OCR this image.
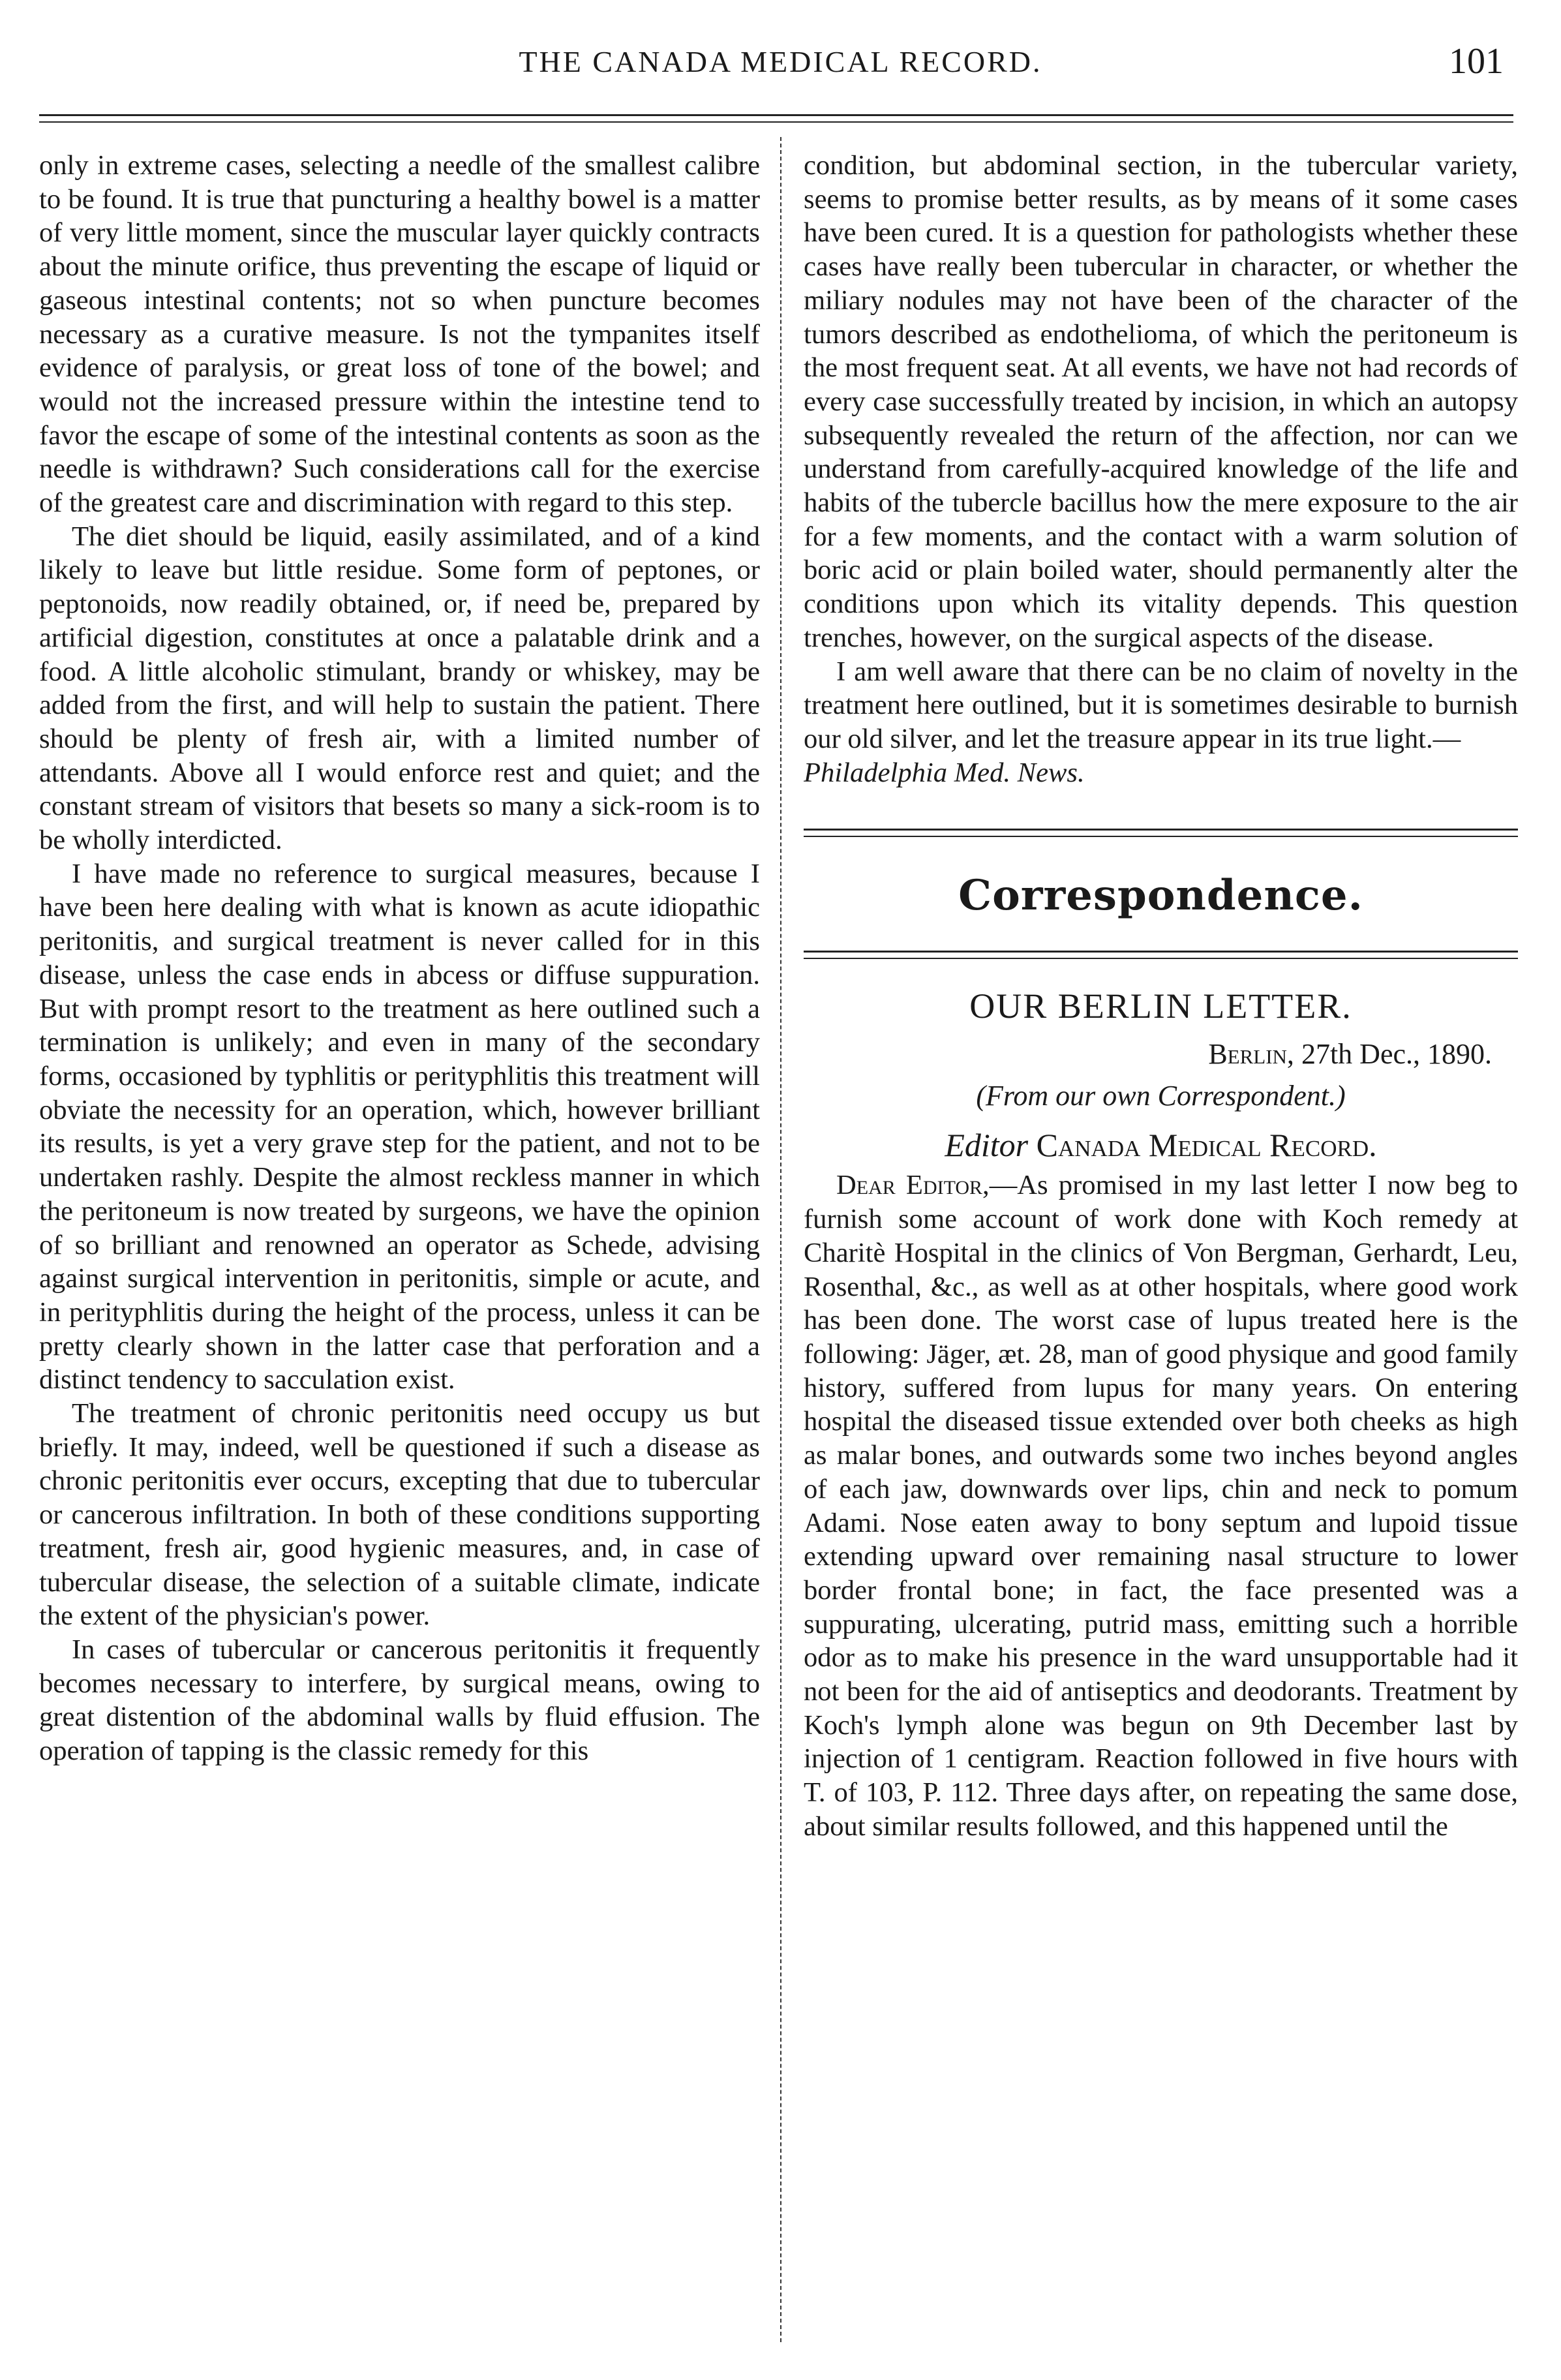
THE CANADA MEDICAL RECORD.	101

only in extreme cases, selecting a needle of the smallest calibre to be found. It is true that puncturing a healthy bowel is a matter of very little moment, since the muscular layer quickly contracts about the minute orifice, thus preventing the escape of liquid or gaseous intestinal contents; not so when puncture becomes necessary as a curative measure. Is not the tympanites itself evidence of paralysis, or great loss of tone of the bowel; and would not the increased pressure within the intestine tend to favor the escape of some of the intestinal contents as soon as the needle is withdrawn? Such considerations call for the exercise of the greatest care and discrimination with regard to this step.

The diet should be liquid, easily assimilated, and of a kind likely to leave but little residue. Some form of peptones, or peptonoids, now readily obtained, or, if need be, prepared by artificial digestion, constitutes at once a palatable drink and a food. A little alcoholic stimulant, brandy or whiskey, may be added from the first, and will help to sustain the patient. There should be plenty of fresh air, with a limited number of attendants. Above all I would enforce rest and quiet; and the constant stream of visitors that besets so many a sick-room is to be wholly interdicted.

I have made no reference to surgical measures, because I have been here dealing with what is known as acute idiopathic peritonitis, and surgical treatment is never called for in this disease, unless the case ends in abcess or diffuse suppuration. But with prompt resort to the treatment as here outlined such a termination is unlikely; and even in many of the secondary forms, occasioned by typhlitis or perityphlitis this treatment will obviate the necessity for an operation, which, however brilliant its results, is yet a very grave step for the patient, and not to be undertaken rashly. Despite the almost reckless manner in which the peritoneum is now treated by surgeons, we have the opinion of so brilliant and renowned an operator as Schede, advising against surgical intervention in peritonitis, simple or acute, and in perityphlitis during the height of the process, unless it can be pretty clearly shown in the latter case that perforation and a distinct tendency to sacculation exist.

The treatment of chronic peritonitis need occupy us but briefly. It may, indeed, well be questioned if such a disease as chronic peritonitis ever occurs, excepting that due to tubercular or cancerous infiltration. In both of these conditions supporting treatment, fresh air, good hygienic measures, and, in case of tubercular disease, the selection of a suitable climate, indicate the extent of the physician's power.

In cases of tubercular or cancerous peritonitis it frequently becomes necessary to interfere, by surgical means, owing to great distention of the abdominal walls by fluid effusion. The operation of tapping is the classic remedy for this

condition, but abdominal section, in the tubercular variety, seems to promise better results, as by means of it some cases have been cured. It is a question for pathologists whether these cases have really been tubercular in character, or whether the miliary nodules may not have been of the character of the tumors described as endothelioma, of which the peritoneum is the most frequent seat. At all events, we have not had records of every case successfully treated by incision, in which an autopsy subsequently revealed the return of the affection, nor can we understand from carefully-acquired knowledge of the life and habits of the tubercle bacillus how the mere exposure to the air for a few moments, and the contact with a warm solution of boric acid or plain boiled water, should permanently alter the conditions upon which its vitality depends. This question trenches, however, on the surgical aspects of the disease.

I am well aware that there can be no claim of novelty in the treatment here outlined, but it is sometimes desirable to burnish our old silver, and let the treasure appear in its true light.—

Philadelphia Med. News.

Correspondence.
OUR BERLIN LETTER.
Berlin, 27th Dec., 1890.
(From our own Correspondent.)
Editor Canada Medical Record.

Dear Editor,—As promised in my last letter I now beg to furnish some account of work done with Koch remedy at Charitè Hospital in the clinics of Von Bergman, Gerhardt, Leu, Rosenthal, &c., as well as at other hospitals, where good work has been done. The worst case of lupus treated here is the following: Jäger, æt. 28, man of good physique and good family history, suffered from lupus for many years. On entering hospital the diseased tissue extended over both cheeks as high as malar bones, and outwards some two inches beyond angles of each jaw, downwards over lips, chin and neck to pomum Adami. Nose eaten away to bony septum and lupoid tissue extending upward over remaining nasal structure to lower border frontal bone; in fact, the face presented was a suppurating, ulcerating, putrid mass, emitting such a horrible odor as to make his presence in the ward unsupportable had it not been for the aid of antiseptics and deodorants. Treatment by Koch's lymph alone was begun on 9th December last by injection of 1 centigram. Reaction followed in five hours with T. of 103, P. 112. Three days after, on repeating the same dose, about similar results followed, and this happened until the
